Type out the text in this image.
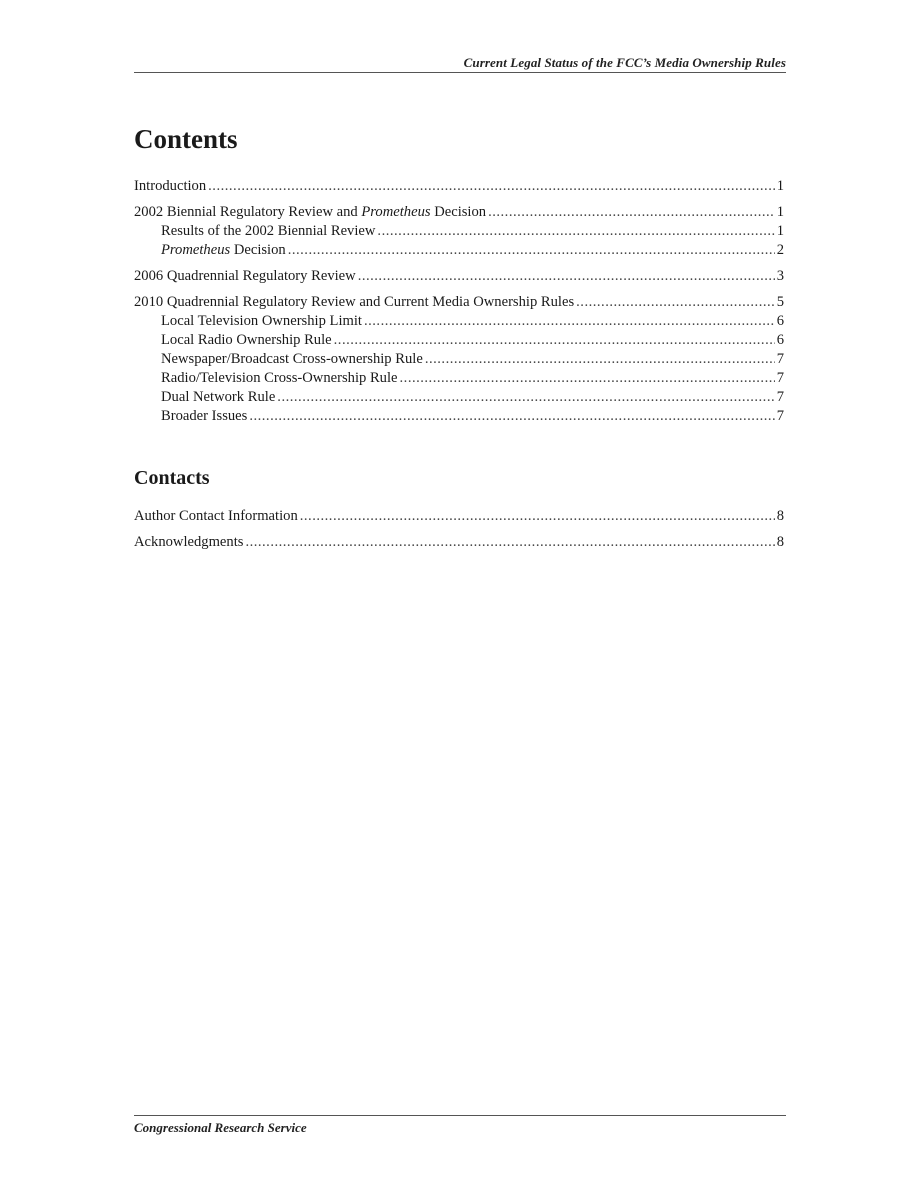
Current Legal Status of the FCC’s Media Ownership Rules
Contents
Introduction .....	1
2002 Biennial Regulatory Review and Prometheus Decision .....	1
Results of the 2002 Biennial Review .....	1
Prometheus Decision .....	2
2006 Quadrennial Regulatory Review .....	3
2010 Quadrennial Regulatory Review and Current Media Ownership Rules .....	5
Local Television Ownership Limit .....	6
Local Radio Ownership Rule .....	6
Newspaper/Broadcast Cross-ownership Rule .....	7
Radio/Television Cross-Ownership Rule .....	7
Dual Network Rule .....	7
Broader Issues .....	7
Contacts
Author Contact Information .....	8
Acknowledgments .....	8
Congressional Research Service
